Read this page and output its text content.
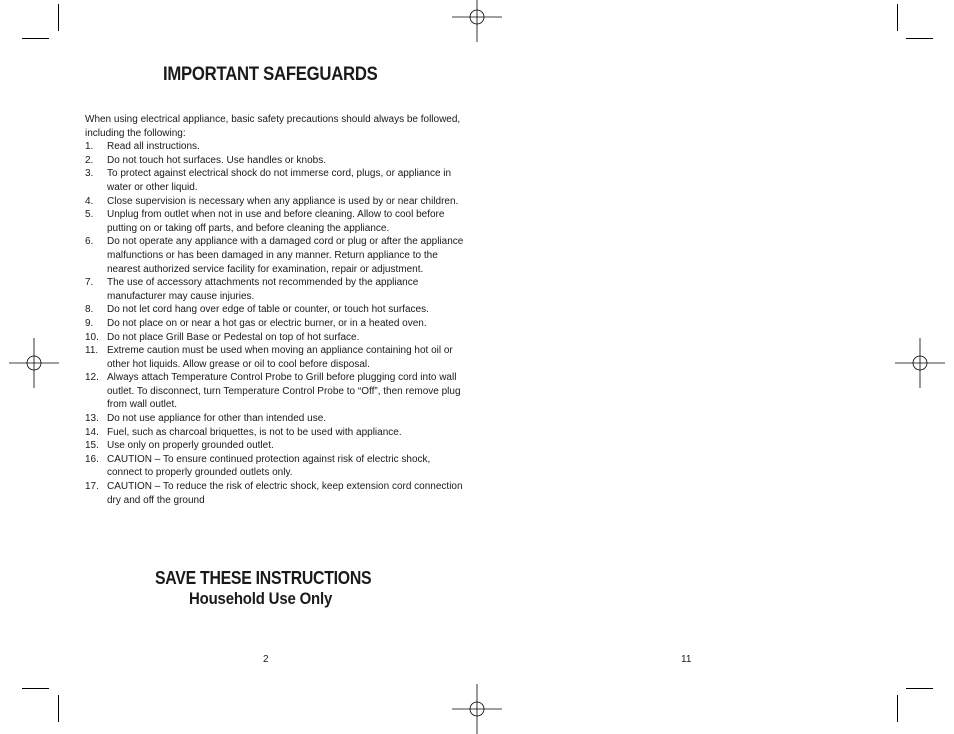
IMPORTANT SAFEGUARDS

When using electrical appliance, basic safety precautions should always be followed, including the following:

1.	Read all instructions.
2.	Do not touch hot surfaces. Use handles or knobs.
3.	To protect against electrical shock do not immerse cord, plugs, or appliance in water or other liquid.
4.	Close supervision is necessary when any appliance is used by or near children.
5.	Unplug from outlet when not in use and before cleaning. Allow to cool before putting on or taking off parts, and before cleaning the appliance.
6.	Do not operate any appliance with a damaged cord or plug or after the appliance malfunctions or has been damaged in any manner. Return appliance to the nearest authorized service facility for examination, repair or adjustment.
7.	The use of accessory attachments not recommended by the appliance manufacturer may cause injuries.
8.	Do not let cord hang over edge of table or counter, or touch hot surfaces.
9.	Do not place on or near a hot gas or electric burner, or in a heated oven.
10. Do not place Grill Base or Pedestal on top of hot surface.
11. Extreme caution must be used when moving an appliance containing hot oil or other hot liquids. Allow grease or oil to cool before disposal.
12. Always attach Temperature Control Probe to Grill before plugging cord into wall outlet. To disconnect, turn Temperature Control Probe to “Off”, then remove plug from wall outlet.
13. Do not use appliance for other than intended use.
14. Fuel, such as charcoal briquettes, is not to be used with appliance.
15. Use only on properly grounded outlet.
16. CAUTION – To ensure continued protection against risk of electric shock, connect to properly grounded outlets only.
17. CAUTION – To reduce the risk of electric shock, keep extension cord connection dry and off the ground
SAVE THESE INSTRUCTIONS
Household Use Only
2	11
